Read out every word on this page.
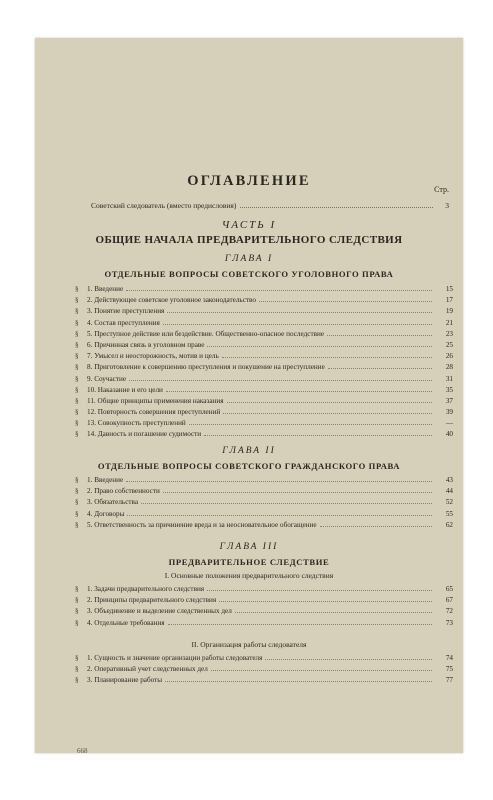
ОГЛАВЛЕНИЕ
Стр.
Советский следователь (вместо предисловия)	3
ЧАСТЬ I
ОБЩИЕ НАЧАЛА ПРЕДВАРИТЕЛЬНОГО СЛЕДСТВИЯ
ГЛАВА I
ОТДЕЛЬНЫЕ ВОПРОСЫ СОВЕТСКОГО УГОЛОВНОГО ПРАВА
§	1. Введение	15
§	2. Действующее советское уголовное законодательство	17
§	3. Понятие преступления	19
§	4. Состав преступления	21
§	5. Преступное действие или бездействие. Общественно-опасное последствие	23
§	6. Причинная связь в уголовном праве	25
§	7. Умысел и неосторожность, мотив и цель	26
§	8. Приготовление к совершению преступления и покушение на преступление	28
§	9. Соучастие	31
§	10. Наказание и его цели	35
§	11. Общие принципы применения наказания	37
§	12. Повторность совершения преступлений	39
§	13. Совокупность преступлений	—
§	14. Давность и погашение судимости	40
ГЛАВА II
ОТДЕЛЬНЫЕ ВОПРОСЫ СОВЕТСКОГО ГРАЖДАНСКОГО ПРАВА
§	1. Введение	43
§	2. Право собственности	44
§	3. Обязательства	52
§	4. Договоры	55
§	5. Ответственность за причинение вреда и за неосновательное обогащение	62
ГЛАВА III
ПРЕДВАРИТЕЛЬНОЕ СЛЕДСТВИЕ
I. Основные положения предварительного следствия
§	1. Задачи предварительного следствия	65
§	2. Принципы предварительного следствия	67
§	3. Объединение и выделение следственных дел	72
§	4. Отдельные требования	73
II. Организация работы следователя
§	1. Сущность и значение организации работы следователя	74
§	2. Оперативный учет следственных дел	75
§	3. Планирование работы	77
668
